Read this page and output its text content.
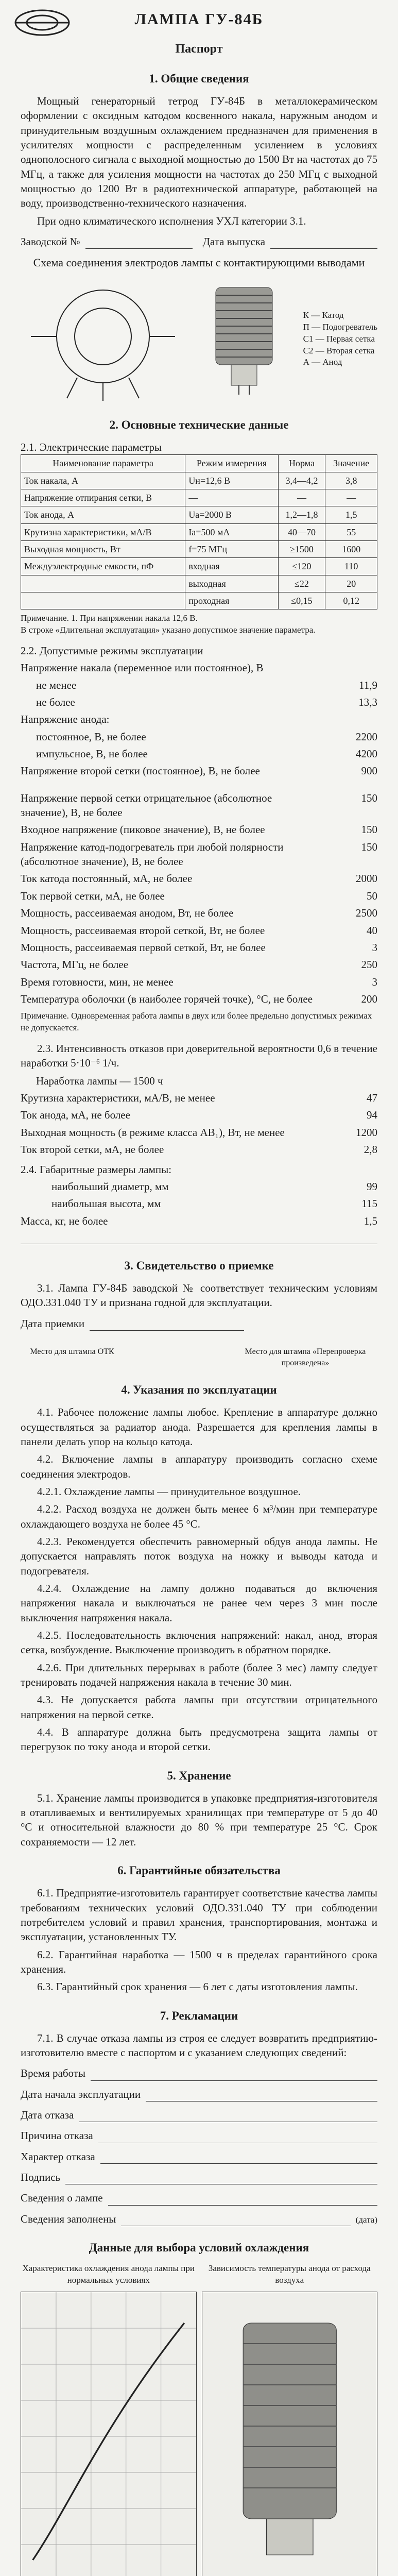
ЛАМПА ГУ-84Б
Паспорт
1. Общие сведения

Мощный генераторный тетрод ГУ-84Б в металлокерамическом оформлении с оксидным катодом косвенного накала, наружным анодом и принудительным воздушным охлаждением предназначен для применения в усилителях мощности с распределенным усилением в условиях однополосного сигнала с выходной мощностью до 1500 Вт на частотах до 75 МГц, а также для усиления мощности на частотах до 250 МГц с выходной мощностью до 1200 Вт в радиотехнической аппаратуре, работающей на воду, производственно-технического назначения.

При одно климатического исполнения УХЛ категории 3.1.

Заводской №	Дата выпуска
Схема соединения электродов лампы с контактирующими выводами
К — Катод
П — Подогреватель
С1 — Первая сетка
С2 — Вторая сетка
А — Анод
2. Основные технические данные
2.1. Электрические параметры
Наименование параметра	Режим измерения	Норма	Значение
Ток накала, А	Uн=12,6 В	3,4—4,2	3,8
Напряжение отпирания сетки, В	—	—	—
Ток анода, А	Uа=2000 В	1,2—1,8	1,5
Крутизна характеристики, мА/В	Iа=500 мА	40—70	55
Выходная мощность, Вт	f=75 МГц	≥1500	1600
Междуэлектродные емкости, пФ	входная	≤120	110
	выходная	≤22	20
	проходная	≤0,15	0,12
Примечание. 1. При напряжении накала 12,6 В.
В строке «Длительная эксплуатация» указано допустимое значение параметра.
2.2. Допустимые режимы эксплуатации
Напряжение накала (переменное или постоянное), В
не менее	11,9
не более	13,3
Напряжение анода:
постоянное, В, не более	2200
импульсное, В, не более	4200
Напряжение второй сетки (постоянное), В, не более	900
Напряжение первой сетки отрицательное (абсолютное значение), В, не более
150
Входное напряжение (пиковое значение), В, не более	150
Напряжение катод-подогреватель при любой полярности (абсолютное значение), В, не более
150
Ток катода постоянный, мА, не более	2000
Ток первой сетки, мА, не более	50
Мощность, рассеиваемая анодом, Вт, не более	2500
Мощность, рассеиваемая второй сеткой, Вт, не более	40
Мощность, рассеиваемая первой сеткой, Вт, не более	3
Частота, МГц, не более	250
Время готовности, мин, не менее	3
Температура оболочки (в наиболее горячей точке), °С, не более	200
Примечание. Одновременная работа лампы в двух или более предельно допустимых режимах не допускается.

2.3. Интенсивность отказов при доверительной вероятности 0,6 в течение наработки 5·10⁻⁶ 1/ч.

Наработка лампы — 1500 ч
Крутизна характеристики, мА/В, не менее	47
Ток анода, мА, не более	94
Выходная мощность (в режиме класса АВ₁), Вт, не менее	1200
Ток второй сетки, мА, не более	2,8
2.4. Габаритные размеры лампы:
наибольший диаметр, мм	99
наибольшая высота, мм	115
Масса, кг, не более	1,5
3. Свидетельство о приемке

3.1. Лампа ГУ-84Б заводской № соответствует техническим условиям ОДО.331.040 ТУ и признана годной для эксплуатации.

Дата приемки
Место для штампа ОТК	Место для штампа «Перепроверка произведена»
4. Указания по эксплуатации

4.1. Рабочее положение лампы любое. Крепление в аппаратуре должно осуществляться за радиатор анода. Разрешается для крепления лампы в панели делать упор на кольцо катода.

4.2. Включение лампы в аппаратуру производить согласно схеме соединения электродов.

4.2.1. Охлаждение лампы — принудительное воздушное.

4.2.2. Расход воздуха не должен быть менее 6 м³/мин при температуре охлаждающего воздуха не более 45 °С.

4.2.3. Рекомендуется обеспечить равномерный обдув анода лампы. Не допускается направлять поток воздуха на ножку и выводы катода и подогревателя.

4.2.4. Охлаждение на лампу должно подаваться до включения напряжения накала и выключаться не ранее чем через 3 мин после выключения напряжения накала.

4.2.5. Последовательность включения напряжений: накал, анод, вторая сетка, возбуждение. Выключение производить в обратном порядке.

4.2.6. При длительных перерывах в работе (более 3 мес) лампу следует тренировать подачей напряжения накала в течение 30 мин.

4.3. Не допускается работа лампы при отсутствии отрицательного напряжения на первой сетке.

4.4. В аппаратуре должна быть предусмотрена защита лампы от перегрузок по току анода и второй сетки.

5. Хранение

5.1. Хранение лампы производится в упаковке предприятия-изготовителя в отапливаемых и вентилируемых хранилищах при температуре от 5 до 40 °С и относительной влажности до 80 % при температуре 25 °С. Срок сохраняемости — 12 лет.

6. Гарантийные обязательства

6.1. Предприятие-изготовитель гарантирует соответствие качества лампы требованиям технических условий ОДО.331.040 ТУ при соблюдении потребителем условий и правил хранения, транспортирования, монтажа и эксплуатации, установленных ТУ.

6.2. Гарантийная наработка — 1500 ч в пределах гарантийного срока хранения.

6.3. Гарантийный срок хранения — 6 лет с даты изготовления лампы.

7. Рекламации

7.1. В случае отказа лампы из строя ее следует возвратить предприятию-изготовителю вместе с паспортом и с указанием следующих сведений:

Время работы
Дата начала эксплуатации
Дата отказа
Причина отказа
Характер отказа
Подпись
Сведения о лампе
Сведения заполнены	(дата)
Данные для выбора условий охлаждения
Характеристика охлаждения анода лампы при нормальных условиях
Зависимость температуры анода от расхода воздуха
